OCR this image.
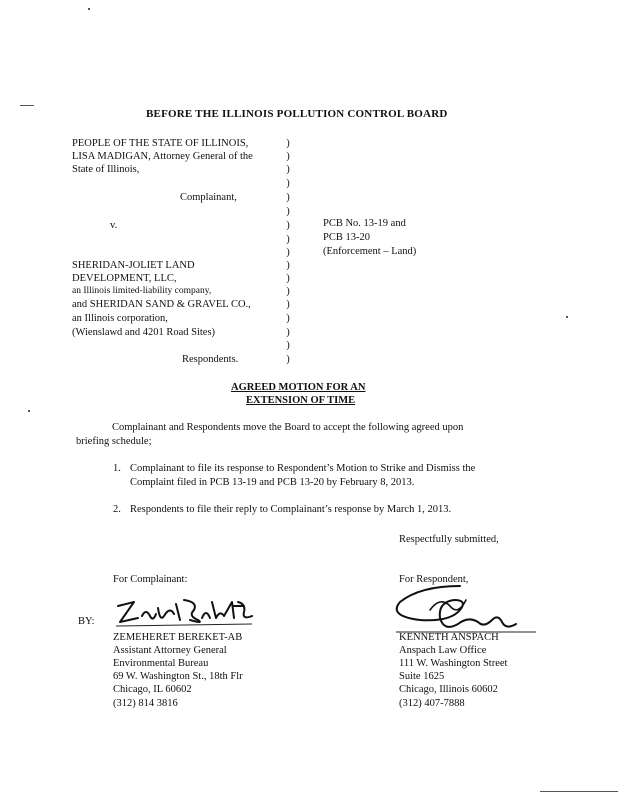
BEFORE THE ILLINOIS POLLUTION CONTROL BOARD
PEOPLE OF THE STATE OF ILLINOIS,
LISA MADIGAN, Attorney General of the
State of Illinois,
Complainant,
v.
SHERIDAN-JOLIET LAND
DEVELOPMENT, LLC,
an Illinois limited-liability company,
and SHERIDAN SAND & GRAVEL CO.,
an Illinois corporation,
(Wienslawd and 4201 Road Sites)
Respondents.
)
)
)
)
)
)
)
)
)
)
)
)
)
)
)
)
)
PCB No. 13-19 and
PCB 13-20
(Enforcement – Land)
AGREED MOTION FOR AN
EXTENSION OF TIME
Complainant and Respondents move the Board to accept the following agreed upon
briefing schedule;
1. Complainant to file its response to Respondent’s Motion to Strike and Dismiss the
Complaint filed in PCB 13-19 and PCB 13-20 by February 8, 2013.
2. Respondents to file their reply to Complainant’s response by March 1, 2013.
Respectfully submitted,
For Complainant:
BY:
ZEMEHERET BEREKET-AB
Assistant Attorney General
Environmental Bureau
69 W. Washington St., 18th Flr
Chicago, IL 60602
(312) 814 3816
For Respondent,
KENNETH ANSPACH
Anspach Law Office
111 W. Washington Street
Suite 1625
Chicago, Illinois 60602
(312) 407-7888
